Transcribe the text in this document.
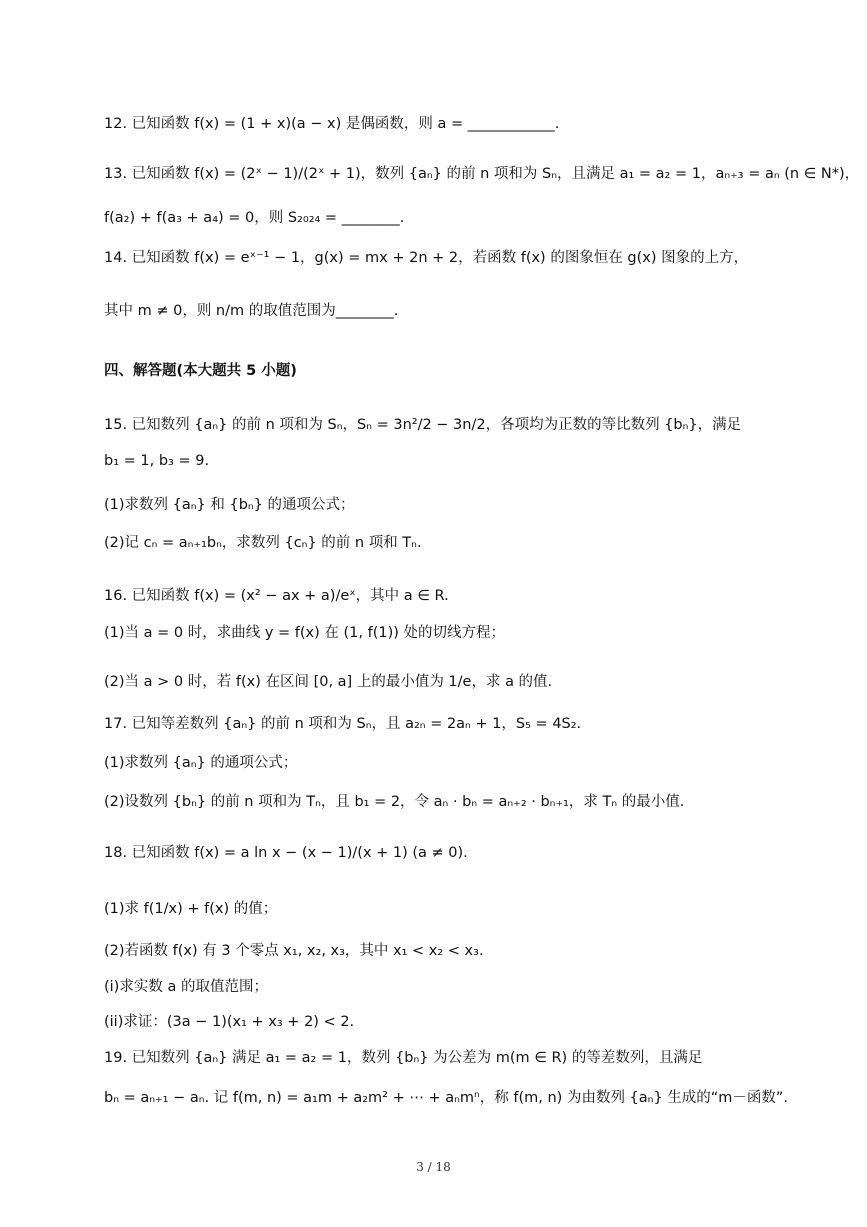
12. 已知函数 f(x) = (1 + x)(a − x) 是偶函数，则 a = ____________.
13. 已知函数 f(x) = (2ˣ − 1)/(2ˣ + 1)，数列 {aₙ} 的前 n 项和为 Sₙ，且满足 a₁ = a₂ = 1，aₙ₊₃ = aₙ (n ∈ N*)，
f(a₂) + f(a₃ + a₄) = 0，则 S₂₀₂₄ = ________.
14. 已知函数 f(x) = eˣ⁻¹ − 1，g(x) = mx + 2n + 2，若函数 f(x) 的图象恒在 g(x) 图象的上方，
其中 m ≠ 0，则 n/m 的取值范围为________.
四、解答题(本大题共 5 小题)
15. 已知数列 {aₙ} 的前 n 项和为 Sₙ，Sₙ = 3n²/2 − 3n/2，各项均为正数的等比数列 {bₙ}，满足
b₁ = 1, b₃ = 9.
(1)求数列 {aₙ} 和 {bₙ} 的通项公式；
(2)记 cₙ = aₙ₊₁bₙ，求数列 {cₙ} 的前 n 项和 Tₙ.
16. 已知函数 f(x) = (x² − ax + a)/eˣ，其中 a ∈ R.
(1)当 a = 0 时，求曲线 y = f(x) 在 (1, f(1)) 处的切线方程；
(2)当 a > 0 时，若 f(x) 在区间 [0, a] 上的最小值为 1/e，求 a 的值.
17. 已知等差数列 {aₙ} 的前 n 项和为 Sₙ，且 a₂ₙ = 2aₙ + 1，S₅ = 4S₂.
(1)求数列 {aₙ} 的通项公式；
(2)设数列 {bₙ} 的前 n 项和为 Tₙ，且 b₁ = 2，令 aₙ · bₙ = aₙ₊₂ · bₙ₊₁，求 Tₙ 的最小值.
18. 已知函数 f(x) = a ln x − (x − 1)/(x + 1) (a ≠ 0).
(1)求 f(1/x) + f(x) 的值；
(2)若函数 f(x) 有 3 个零点 x₁, x₂, x₃，其中 x₁ < x₂ < x₃.
(i)求实数 a 的取值范围；
(ii)求证：(3a − 1)(x₁ + x₃ + 2) < 2.
19. 已知数列 {aₙ} 满足 a₁ = a₂ = 1，数列 {bₙ} 为公差为 m(m ∈ R) 的等差数列，且满足
bₙ = aₙ₊₁ − aₙ. 记 f(m, n) = a₁m + a₂m² + ⋯ + aₙmⁿ，称 f(m, n) 为由数列 {aₙ} 生成的“m－函数”.
3 / 18
